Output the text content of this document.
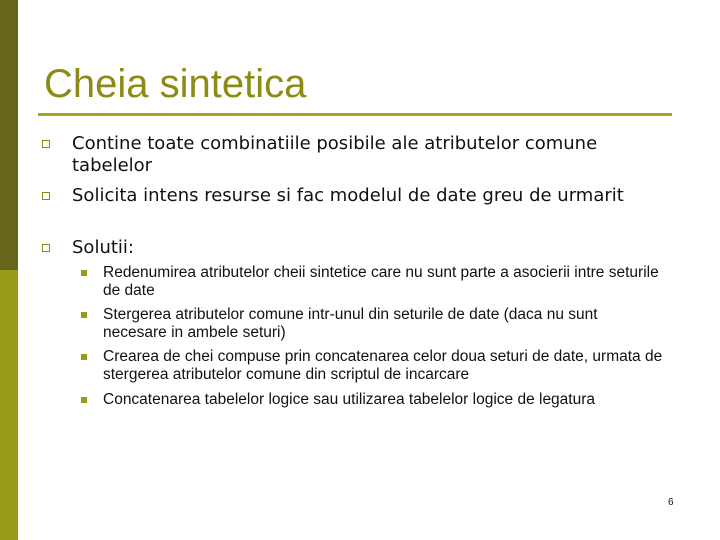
Cheia sintetica
Contine toate combinatiile posibile ale atributelor comune tabelelor
Solicita intens resurse si fac modelul de date greu de urmarit
Solutii:
Redenumirea atributelor cheii sintetice care nu sunt parte a asocierii intre seturile de date
Stergerea atributelor comune intr-unul din seturile de date (daca nu sunt necesare in ambele seturi)
Crearea de chei compuse prin concatenarea celor doua seturi de date, urmata de stergerea atributelor comune din scriptul de incarcare
Concatenarea tabelelor logice sau utilizarea tabelelor logice de legatura
6
